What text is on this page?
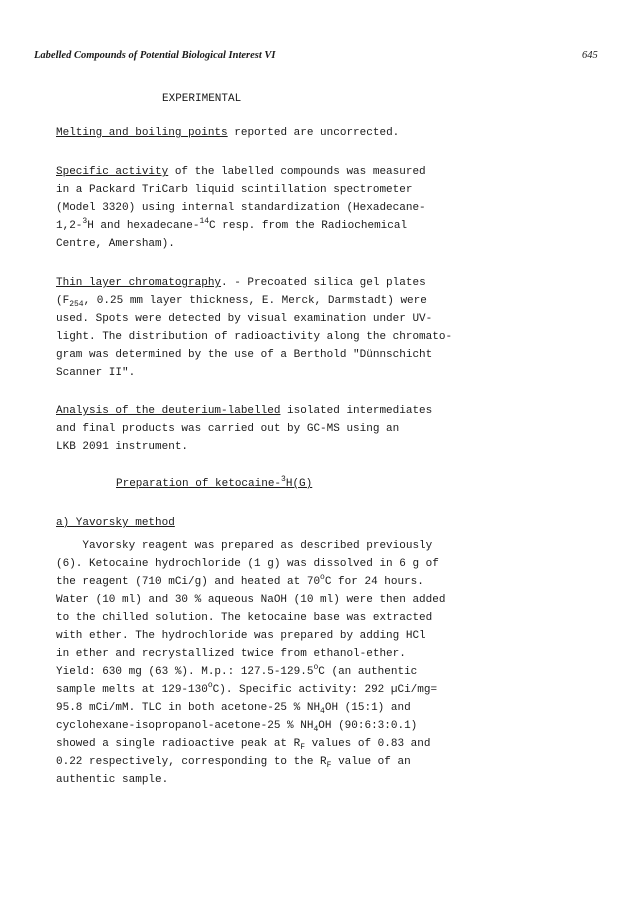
Labelled Compounds of Potential Biological Interest VI	645
EXPERIMENTAL
Melting and boiling points reported are uncorrected.
Specific activity of the labelled compounds was measured
in a Packard TriCarb liquid scintillation spectrometer
(Model 3320) using internal standardization (Hexadecane-
1,2-$^3$H and hexadecane-$^{14}$C resp. from the Radiochemical
Centre, Amersham).
Thin layer chromatography. - Precoated silica gel plates
($F_{254}$, 0.25 mm layer thickness, E. Merck, Darmstadt) were
used. Spots were detected by visual examination under UV-
light. The distribution of radioactivity along the chromato-
gram was determined by the use of a Berthold "Dünnschicht
Scanner II".
Analysis of the deuterium-labelled isolated intermediates
and final products was carried out by GC-MS using an
LKB 2091 instrument.
Preparation of ketocaine-$^3$H(G)
a) Yavorsky method
Yavorsky reagent was prepared as described previously
(6). Ketocaine hydrochloride (1 g) was dissolved in 6 g of
the reagent (710 mCi/g) and heated at 70$^o$C for 24 hours.
Water (10 ml) and 30 % aqueous NaOH (10 ml) were then added
to the chilled solution. The ketocaine base was extracted
with ether. The hydrochloride was prepared by adding HCl
in ether and recrystallized twice from ethanol-ether.
Yield: 630 mg (63 %). M.p.: 127.5-129.5$^o$C (an authentic
sample melts at 129-130$^o$C). Specific activity: 292 µCi/mg=
95.8 mCi/mM. TLC in both acetone-25 % $NH_4OH$ (15:1) and
cyclohexane-isopropanol-acetone-25 % $NH_4OH$ (90:6:3:0.1)
showed a single radioactive peak at $R_F$ values of 0.83 and
0.22 respectively, corresponding to the $R_F$ value of an
authentic sample.
